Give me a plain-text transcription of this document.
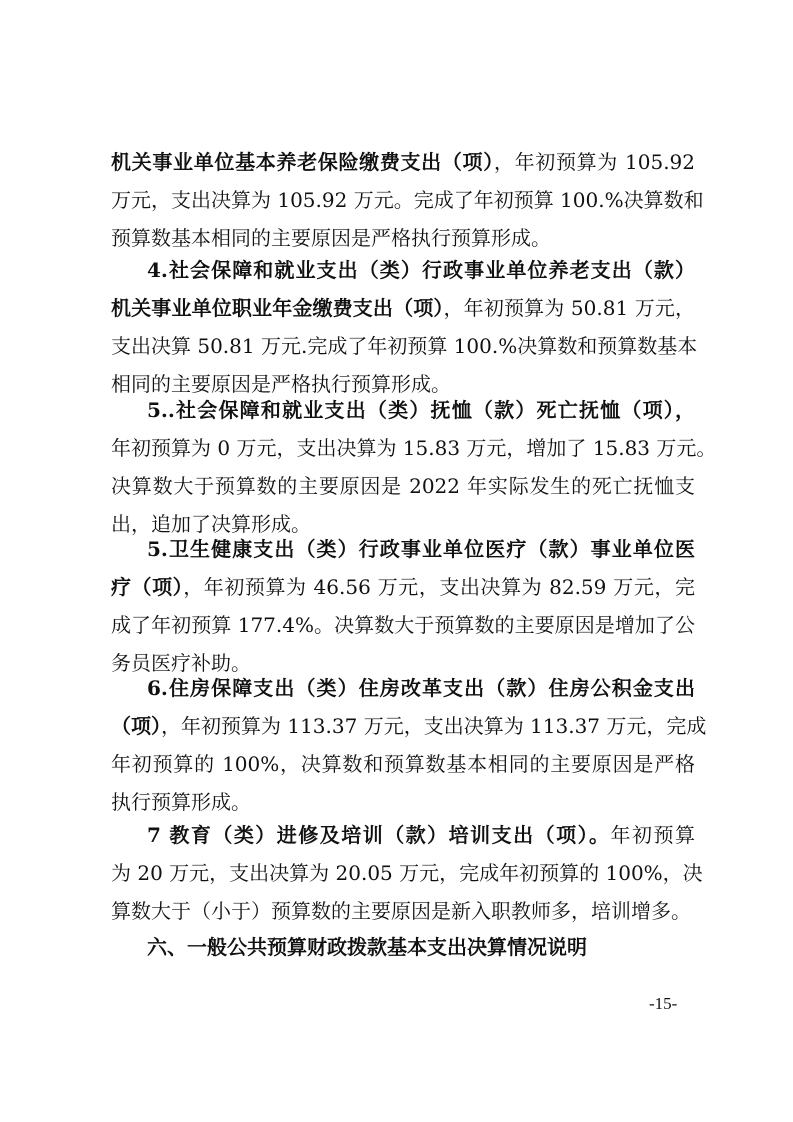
机关事业单位基本养老保险缴费支出（项），年初预算为 105.92
万元，支出决算为 105.92 万元。完成了年初预算 100.%决算数和
预算数基本相同的主要原因是严格执行预算形成。
4.社会保障和就业支出（类）行政事业单位养老支出（款）
机关事业单位职业年金缴费支出（项），年初预算为 50.81 万元，
支出决算 50.81 万元.完成了年初预算 100.%决算数和预算数基本
相同的主要原因是严格执行预算形成。
5..社会保障和就业支出（类）抚恤（款）死亡抚恤（项），
年初预算为 0 万元，支出决算为 15.83 万元，增加了 15.83 万元。
决算数大于预算数的主要原因是 2022 年实际发生的死亡抚恤支
出，追加了决算形成。
5.卫生健康支出（类）行政事业单位医疗（款）事业单位医
疗（项），年初预算为 46.56 万元，支出决算为 82.59 万元，完
成了年初预算 177.4%。决算数大于预算数的主要原因是增加了公
务员医疗补助。
6.住房保障支出（类）住房改革支出（款）住房公积金支出
（项），年初预算为 113.37 万元，支出决算为 113.37 万元，完成
年初预算的 100%，决算数和预算数基本相同的主要原因是严格
执行预算形成。
7 教育（类）进修及培训（款）培训支出（项）。年初预算
为 20 万元，支出决算为 20.05 万元，完成年初预算的 100%，决
算数大于（小于）预算数的主要原因是新入职教师多，培训增多。
六、一般公共预算财政拨款基本支出决算情况说明
-15-
